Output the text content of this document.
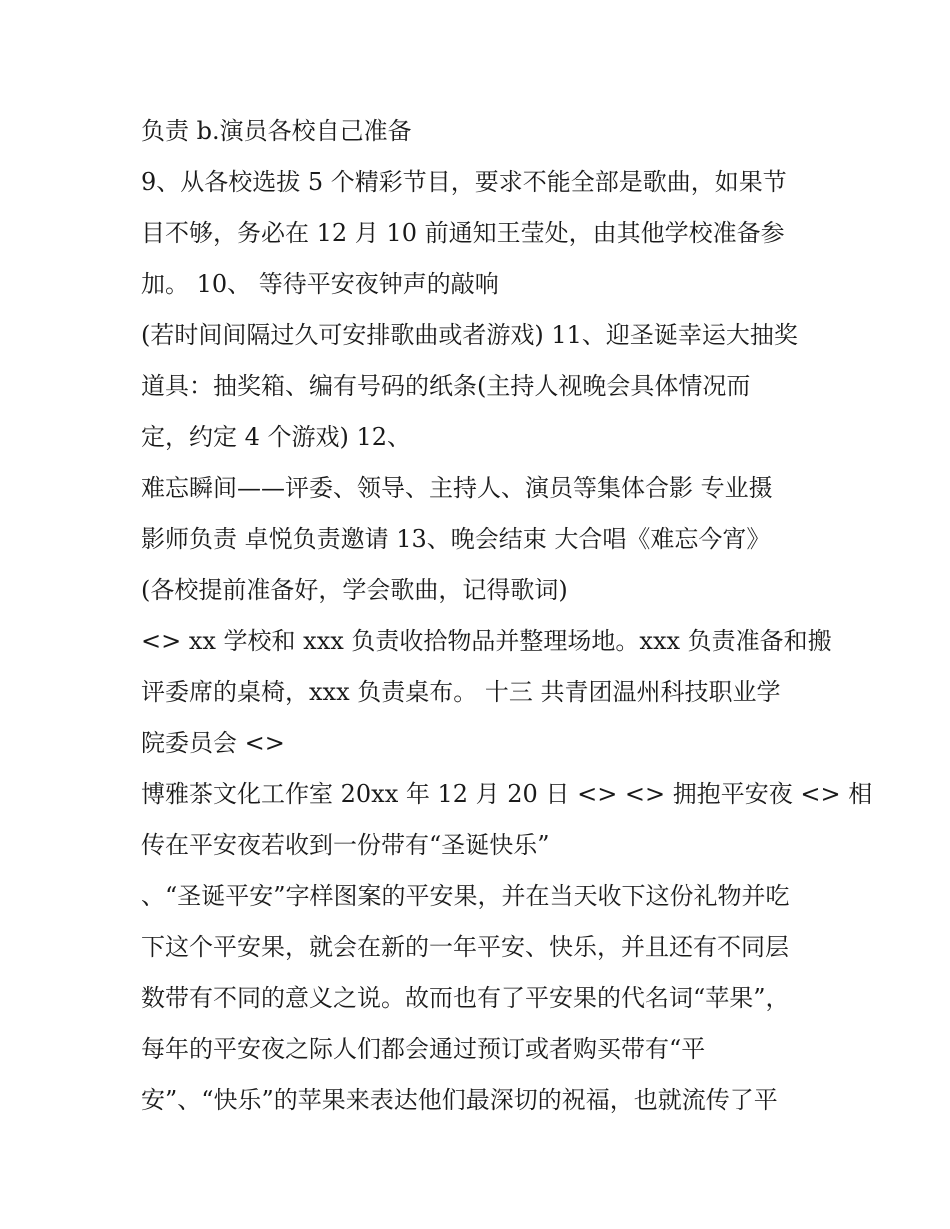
负责 b.演员各校自己准备
9、从各校选拔 5 个精彩节目，要求不能全部是歌曲，如果节
目不够，务必在 12 月 10 前通知王莹处，由其他学校准备参
加。 10、 等待平安夜钟声的敲响
(若时间间隔过久可安排歌曲或者游戏) 11、迎圣诞幸运大抽奖
道具：抽奖箱、编有号码的纸条(主持人视晚会具体情况而
定，约定 4 个游戏) 12、
难忘瞬间——评委、领导、主持人、演员等集体合影 专业摄
影师负责 卓悦负责邀请 13、晚会结束 大合唱《难忘今宵》
(各校提前准备好，学会歌曲，记得歌词)
<> xx 学校和 xxx 负责收拾物品并整理场地。xxx 负责准备和搬
评委席的桌椅，xxx 负责桌布。 十三 共青团温州科技职业学
院委员会 <>
博雅茶文化工作室 20xx 年 12 月 20 日 <> <> 拥抱平安夜 <> 相
传在平安夜若收到一份带有“圣诞快乐”
、“圣诞平安”字样图案的平安果，并在当天收下这份礼物并吃
下这个平安果，就会在新的一年平安、快乐，并且还有不同层
数带有不同的意义之说。故而也有了平安果的代名词“苹果”，
每年的平安夜之际人们都会通过预订或者购买带有“平
安”、“快乐”的苹果来表达他们最深切的祝福，也就流传了平
